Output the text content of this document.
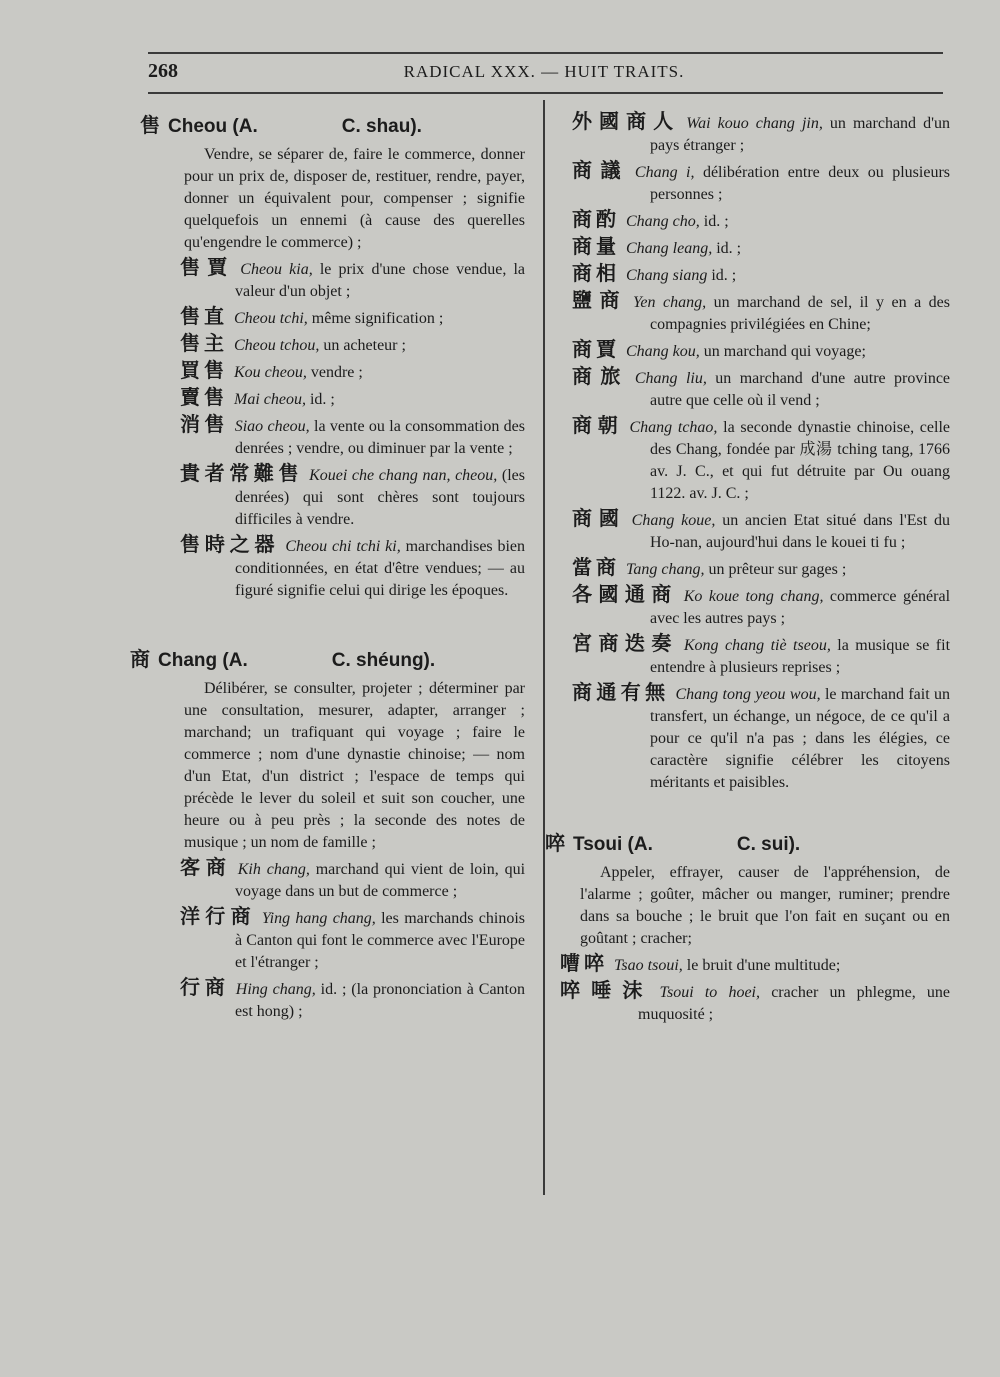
268	RADICAL XXX. — HUIT TRAITS.
售 Cheou
(A.	C. shau).
Vendre, se séparer de, faire le commerce, donner pour un prix de, disposer de, restituer, rendre, payer, donner un équivalent pour, compenser ; signifie quelquefois un ennemi (à cause des querelles qu'engendre le commerce) ;
售賈 Cheou kia, le prix d'une chose vendue, la valeur d'un objet ;
售直 Cheou tchi, même signification ;
售主 Cheou tchou, un acheteur ;
買售 Kou cheou, vendre ;
賣售 Mai cheou, id. ;
消售 Siao cheou, la vente ou la consommation des denrées ; vendre, ou diminuer par la vente ;
貴者常難售 Kouei che chang nan, cheou, (les denrées) qui sont chères sont toujours difficiles à vendre.
售時之器 Cheou chi tchi ki, marchandises bien conditionnées, en état d'être vendues; — au figuré signifie celui qui dirige les époques.
商 Chang
(A.	C. shéung).
Délibérer, se consulter, projeter ; déterminer par une consultation, mesurer, adapter, arranger ; marchand; un trafiquant qui voyage ; faire le commerce ; nom d'une dynastie chinoise; — nom d'un Etat, d'un district ; l'espace de temps qui précède le lever du soleil et suit son coucher, une heure ou à peu près ; la seconde des notes de musique ; un nom de famille ;
客商 Kih chang, marchand qui vient de loin, qui voyage dans un but de commerce ;
洋行商 Ying hang chang, les marchands chinois à Canton qui font le commerce avec l'Europe et l'étranger ;
行商 Hing chang, id. ; (la prononciation à Canton est hong) ;
外國商人 Wai kouo chang jin, un marchand d'un pays étranger ;
商議 Chang i, délibération entre deux ou plusieurs personnes ;
商酌 Chang cho, id. ;
商量 Chang leang, id. ;
商相 Chang siang id. ;
鹽商 Yen chang, un marchand de sel, il y en a des compagnies privilégiées en Chine;
商賈 Chang kou, un marchand qui voyage;
商旅 Chang liu, un marchand d'une autre province autre que celle où il vend ;
商朝 Chang tchao, la seconde dynastie chinoise, celle des Chang, fondée par 成湯 tching tang, 1766 av. J. C., et qui fut détruite par Ou ouang 1122. av. J. C. ;
商國 Chang koue, un ancien Etat situé dans l'Est du Ho-nan, aujourd'hui dans le kouei ti fu ;
當商 Tang chang, un prêteur sur gages ;
各國通商 Ko koue tong chang, commerce général avec les autres pays ;
宮商迭奏 Kong chang tiè tseou, la musique se fit entendre à plusieurs reprises ;
商通有無 Chang tong yeou wou, le marchand fait un transfert, un échange, un négoce, de ce qu'il a pour ce qu'il n'a pas ; dans les élégies, ce caractère signifie célébrer les citoyens méritants et paisibles.
啐 Tsoui
(A.	C. sui).
Appeler, effrayer, causer de l'appréhension, de l'alarme ; goûter, mâcher ou manger, ruminer; prendre dans sa bouche ; le bruit que l'on fait en suçant ou en goûtant ; cracher;
嘈啐 Tsao tsoui, le bruit d'une multitude;
啐唾沫 Tsoui to hoei, cracher un phlegme, une muquosité ;
